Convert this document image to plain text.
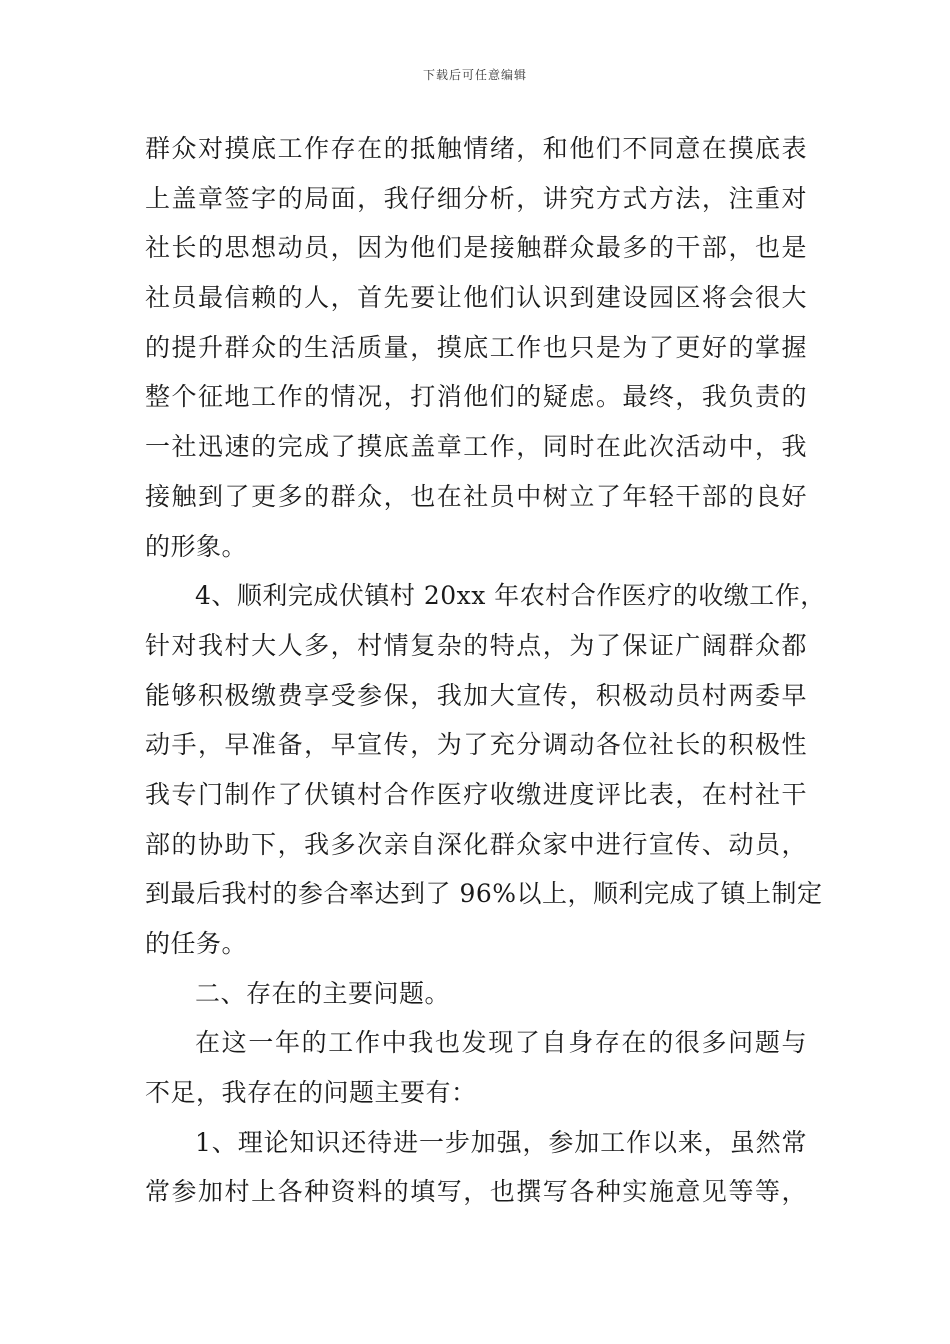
下载后可任意编辑
群众对摸底工作存在的抵触情绪，和他们不同意在摸底表
上盖章签字的局面，我仔细分析，讲究方式方法，注重对
社长的思想动员，因为他们是接触群众最多的干部，也是
社员最信赖的人，首先要让他们认识到建设园区将会很大
的提升群众的生活质量，摸底工作也只是为了更好的掌握
整个征地工作的情况，打消他们的疑虑。最终，我负责的
一社迅速的完成了摸底盖章工作，同时在此次活动中，我
接触到了更多的群众，也在社员中树立了年轻干部的良好
的形象。
4、顺利完成伏镇村 20xx 年农村合作医疗的收缴工作，
针对我村大人多，村情复杂的特点，为了保证广阔群众都
能够积极缴费享受参保，我加大宣传，积极动员村两委早
动手，早准备，早宣传，为了充分调动各位社长的积极性
我专门制作了伏镇村合作医疗收缴进度评比表，在村社干
部的协助下，我多次亲自深化群众家中进行宣传、动员，
到最后我村的参合率达到了 96%以上，顺利完成了镇上制定
的任务。
二、存在的主要问题。
在这一年的工作中我也发现了自身存在的很多问题与
不足，我存在的问题主要有：
1、理论知识还待进一步加强，参加工作以来，虽然常
常参加村上各种资料的填写，也撰写各种实施意见等等，
